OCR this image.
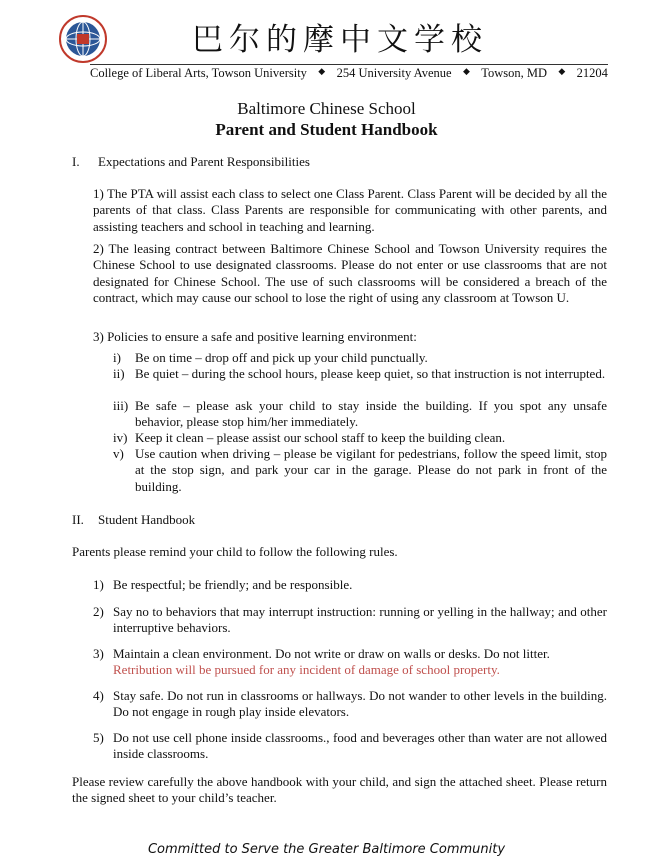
巴尔的摩中文学校
College of Liberal Arts, Towson University ◆ 254 University Avenue ◆ Towson, MD ◆ 21204
Baltimore Chinese School
Parent and Student Handbook
I. Expectations and Parent Responsibilities
1) The PTA will assist each class to select one Class Parent. Class Parent will be decided by all the parents of that class. Class Parents are responsible for communicating with other parents, and assisting teachers and school in teaching and learning.
2) The leasing contract between Baltimore Chinese School and Towson University requires the Chinese School to use designated classrooms. Please do not enter or use classrooms that are not designated for Chinese School. The use of such classrooms will be considered a breach of the contract, which may cause our school to lose the right of using any classroom at Towson U.
3) Policies to ensure a safe and positive learning environment:
i)	Be on time – drop off and pick up your child punctually.
ii) Be quiet – during the school hours, please keep quiet, so that instruction is not interrupted.
iii) Be safe – please ask your child to stay inside the building. If you spot any unsafe behavior, please stop him/her immediately.
iv) Keep it clean – please assist our school staff to keep the building clean.
v) Use caution when driving – please be vigilant for pedestrians, follow the speed limit, stop at the stop sign, and park your car in the garage. Please do not park in front of the building.
II. Student Handbook
Parents please remind your child to follow the following rules.
1) Be respectful; be friendly; and be responsible.
2) Say no to behaviors that may interrupt instruction: running or yelling in the hallway; and other interruptive behaviors.
3) Maintain a clean environment. Do not write or draw on walls or desks. Do not litter.
Retribution will be pursued for any incident of damage of school property.
4) Stay safe. Do not run in classrooms or hallways. Do not wander to other levels in the building. Do not engage in rough play inside elevators.
5) Do not use cell phone inside classrooms., food and beverages other than water are not allowed inside classrooms.
Please review carefully the above handbook with your child, and sign the attached sheet. Please return the signed sheet to your child’s teacher.
Committed to Serve the Greater Baltimore Community
